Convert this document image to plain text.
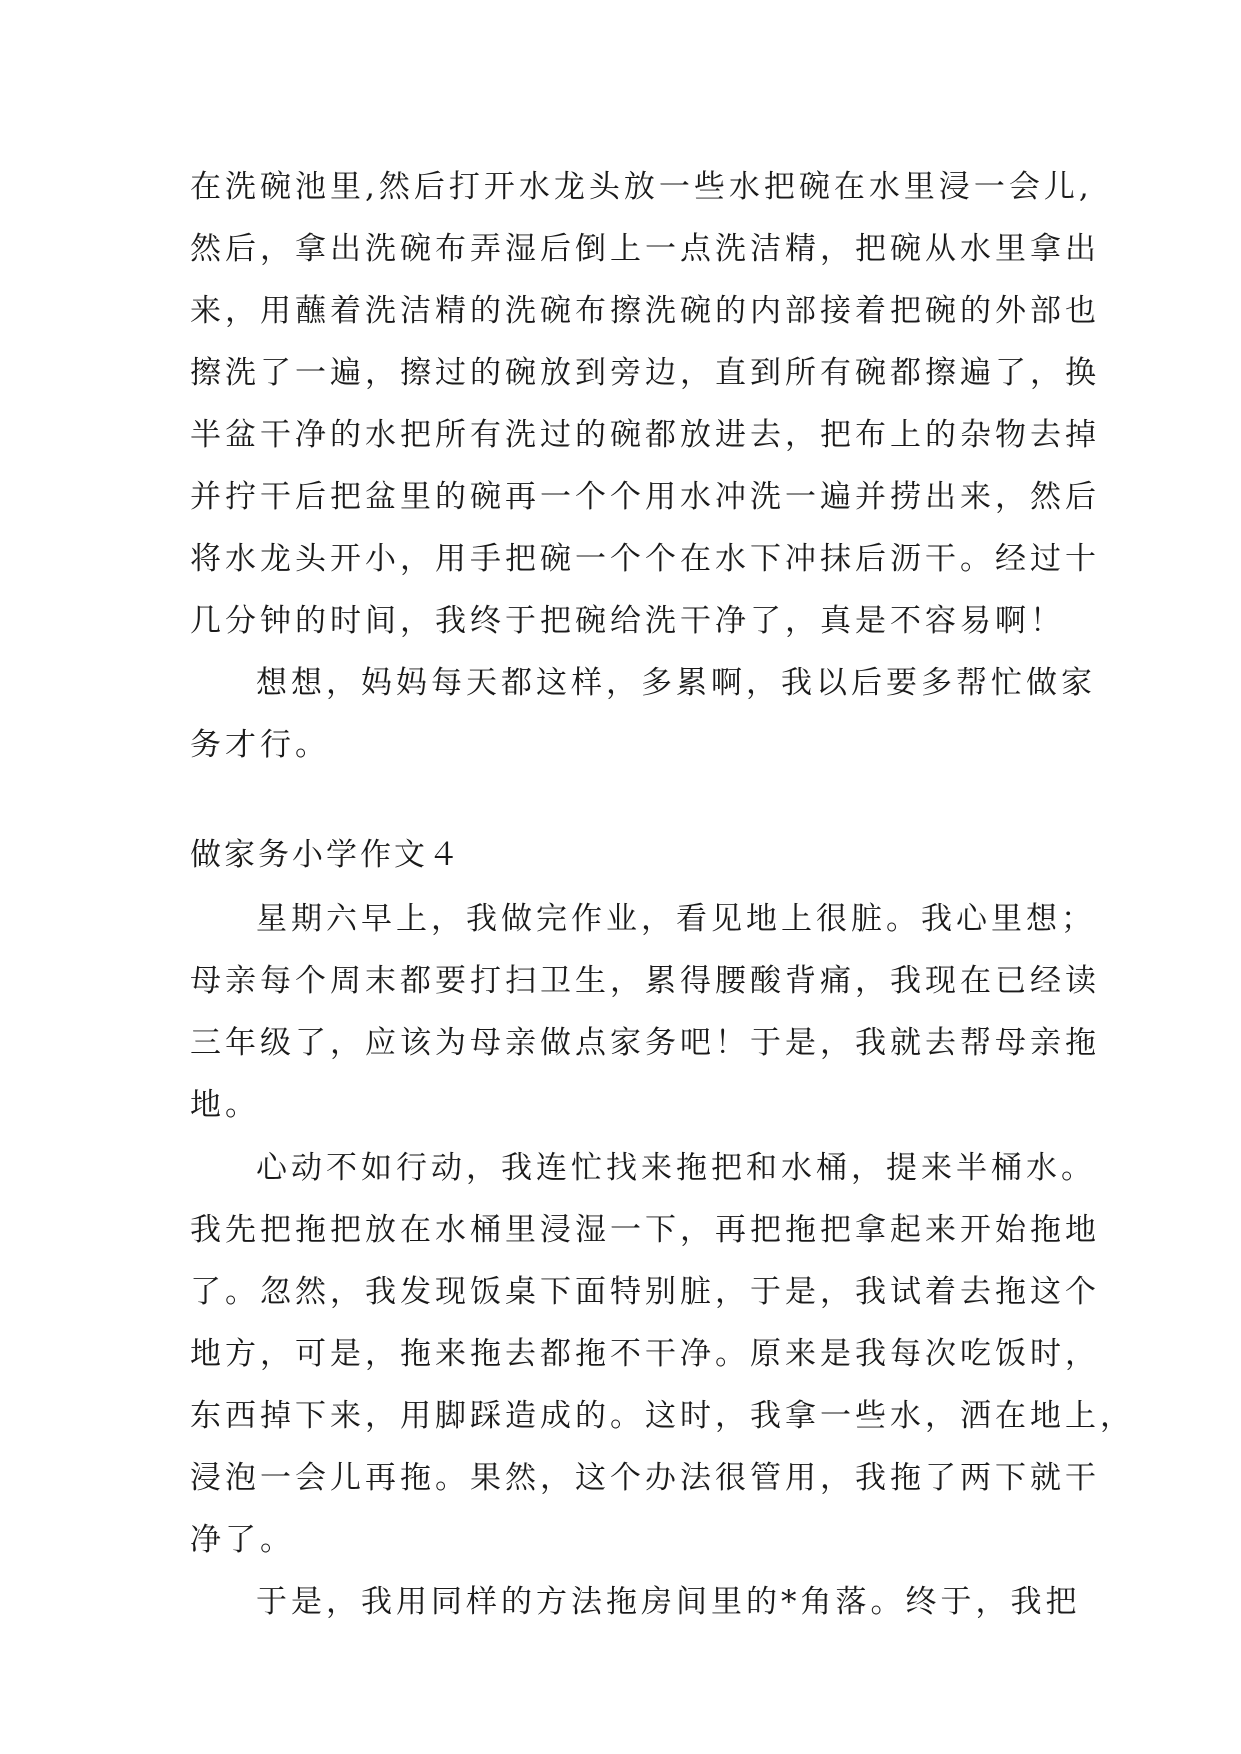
在洗碗池里,然后打开水龙头放一些水把碗在水里浸一会儿,
然后，拿出洗碗布弄湿后倒上一点洗洁精，把碗从水里拿出
来，用蘸着洗洁精的洗碗布擦洗碗的内部接着把碗的外部也
擦洗了一遍，擦过的碗放到旁边，直到所有碗都擦遍了，换
半盆干净的水把所有洗过的碗都放进去，把布上的杂物去掉
并拧干后把盆里的碗再一个个用水冲洗一遍并捞出来，然后
将水龙头开小，用手把碗一个个在水下冲抹后沥干。经过十
几分钟的时间，我终于把碗给洗干净了，真是不容易啊！
想想，妈妈每天都这样，多累啊，我以后要多帮忙做家
务才行。
做家务小学作文４
星期六早上，我做完作业，看见地上很脏。我心里想；
母亲每个周末都要打扫卫生，累得腰酸背痛，我现在已经读
三年级了，应该为母亲做点家务吧！于是，我就去帮母亲拖
地。
心动不如行动，我连忙找来拖把和水桶，提来半桶水。
我先把拖把放在水桶里浸湿一下，再把拖把拿起来开始拖地
了。忽然，我发现饭桌下面特别脏，于是，我试着去拖这个
地方，可是，拖来拖去都拖不干净。原来是我每次吃饭时，
东西掉下来，用脚踩造成的。这时，我拿一些水，洒在地上，
浸泡一会儿再拖。果然，这个办法很管用，我拖了两下就干
净了。
于是，我用同样的方法拖房间里的*角落。终于，我把
